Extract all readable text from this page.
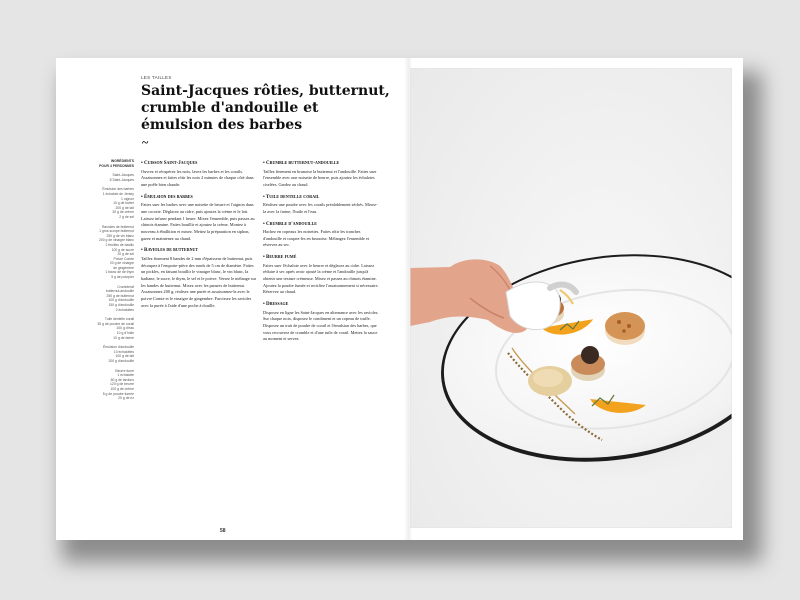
LES TAILLES
Saint-Jacques rôties, butternut, crumble d'andouille et émulsion des barbes
~
INGRÉDIENTS
POUR 4 PERSONNES
Saint-Jacques
8 Saint-Jacques
Émulsion des barbes
1 échalote de Jersey
1 oignon
10 g de butter
200 g de lait
30 g de crème
2 g de sel
Ravioles de butternut
1 gros scorpe butternut
250 g de vin blanc
200 g de vinaigre blanc
2 feuilles de basilic
100 g de sucre
20 g de sel
Poivre Comte
20 g de vinaigre
de gingembre
1 blanc de de thym
5 g de pourpier
Crumbleraf
butternut-andouille
250 g de butternut
100 g d'andouille
150 g d'andouille
2 échalottes
Tuile dentelle corail
35 g de poudre de corail
100 g d'eau
10 g d'huile
10 g de farine
Émulsion d'andouille
10 échalottes
100 g de lait
200 g d'andouille
Beurre fumé
1 échalotte
60 g de lardons
120 g de beurre
100 g de crème
5 g de poudre fumée
20 g de riz
• Cuisson Saint-Jacques

Ouvrez et récupérez les noix, lavez les barbes et les corails. Assaisonnez et faites rôtir les noix 2 minutes de chaque côté dans une poêle bien chaude.

• Émulsion des barbes

Faites suer les barbes avec une noisette de beurre et l'oignon dans une cocotte. Déglacez au cidre, puis ajoutez la crème et le lait. Laissez infuser pendant 1 heure. Mixez l'ensemble, puis passez au chinois étamine. Faites bouillir et ajoutez la crème. Montez à nouveau à ébullition et mixez. Mettez la préparation en siphon, gazez et maintenez au chaud.

• Ravioles de butternut

Taillez finement 8 bandes de 2 mm d'épaisseur de butternut, puis découpez à l'emporte-pièce des ronds de 5 cm de diamètre. Faites un pickles, en faisant bouillir le vinaigre blanc, le vin blanc, la badiane, le sucre, le thym, le sel et le poivre. Versez le mélange sur les bandes de butternut. Mixez avec les parures de butternut. Assaisonnez 200 g, réalisez une purée et assaisonnez-la avec le poivre Comte et le vinaigre de gingembre. Farcissez les ravioles avec la purée à l'aide d'une poche à douille.

• Crumble butternut-andouille

Taillez finement en brunoise la butternut et l'andouille. Faites suer l'ensemble avec une noisette de beurre, puis ajoutez les échalotes ciselées. Gardez au chaud.

• Tuile dentelle corail

Réalisez une poudre avec les corails préalablement séchés. Mixez-la avec la farine, l'huile et l'eau.

• Crumble d'andouille

Hachez en copeaux les noisettes. Faites rôtir les tranches d'andouille et coupez-les en brunoise. Mélangez l'ensemble et réservez au sec.

• Beurre fumé

Faites suer l'échalote avec le beurre et déglacez au cidre. Laissez réduire à sec après avoir ajouté la crème et l'andouille jusqu'à obtenir une texture crémeuse. Mixez et passez au chinois étamine. Ajoutez la poudre fumée et rectifiez l'assaisonnement si nécessaire. Réservez au chaud.

• Dressage

Disposez en ligne les Saint-Jacques en alternance avec les ravioles. Sur chaque noix, disposez le condiment et un copeau de truffe. Disposez un trait de poudre de corail et l'émulsion des barbes, que vous recouvrez de crumble et d'une tuile de corail. Mettez la sauce au moment et servez.

58
